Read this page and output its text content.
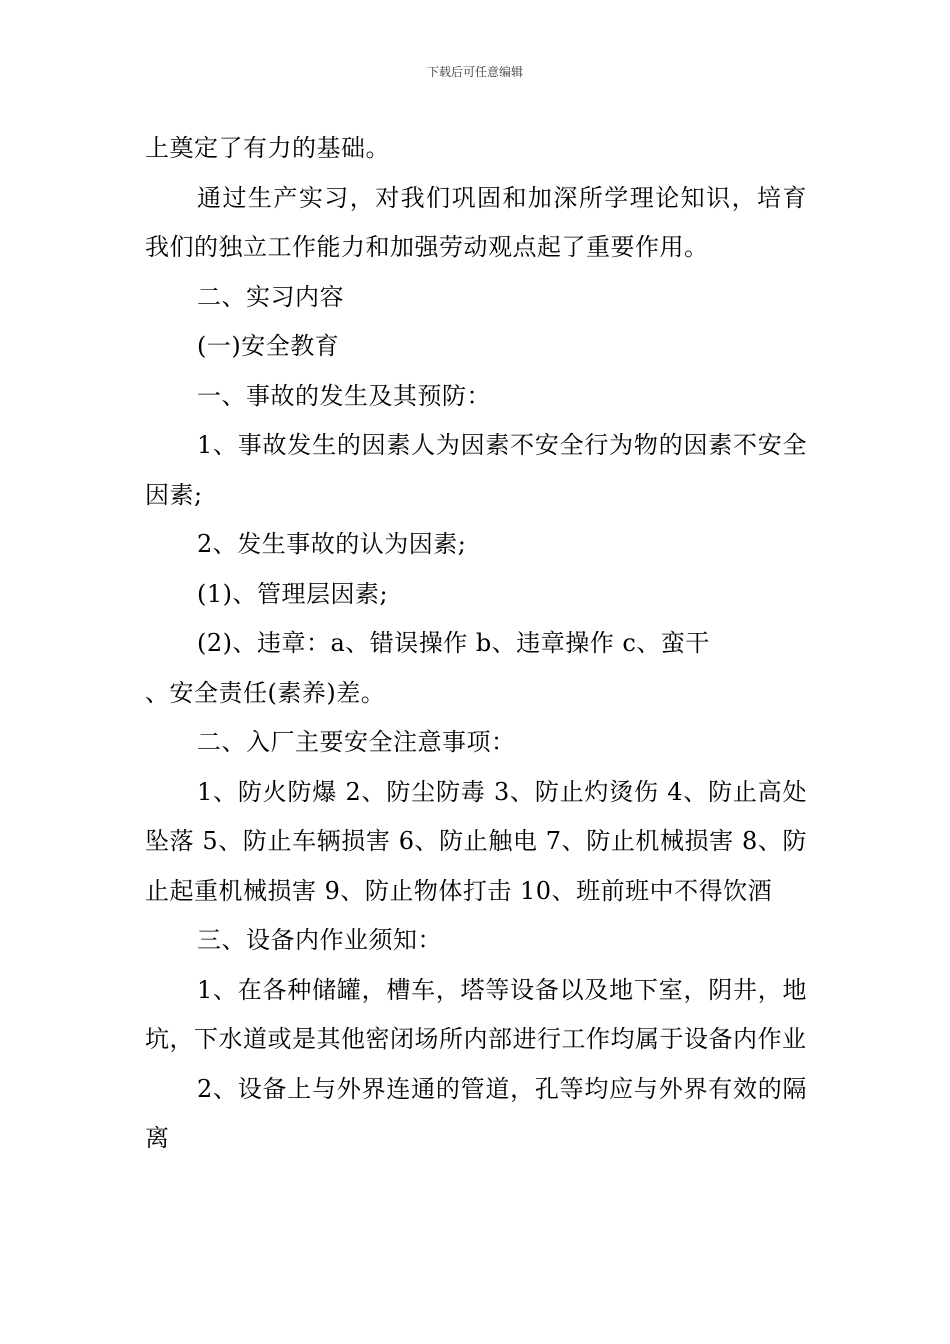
下载后可任意编辑

上奠定了有力的基础。

通过生产实习，对我们巩固和加深所学理论知识，培育我们的独立工作能力和加强劳动观点起了重要作用。

二、实习内容

(一)安全教育

一、事故的发生及其预防：

1、事故发生的因素人为因素不安全行为物的因素不安全因素;

2、发生事故的认为因素;

(1)、管理层因素;

(2)、违章：a、错误操作 b、违章操作 c、蛮干

、安全责任(素养)差。

二、入厂主要安全注意事项：

1、防火防爆 2、防尘防毒 3、防止灼烫伤 4、防止高处坠落 5、防止车辆损害 6、防止触电 7、防止机械损害 8、防止起重机械损害 9、防止物体打击 10、班前班中不得饮酒

三、设备内作业须知：

1、在各种储罐，槽车，塔等设备以及地下室，阴井，地坑，下水道或是其他密闭场所内部进行工作均属于设备内作业

2、设备上与外界连通的管道，孔等均应与外界有效的隔离
